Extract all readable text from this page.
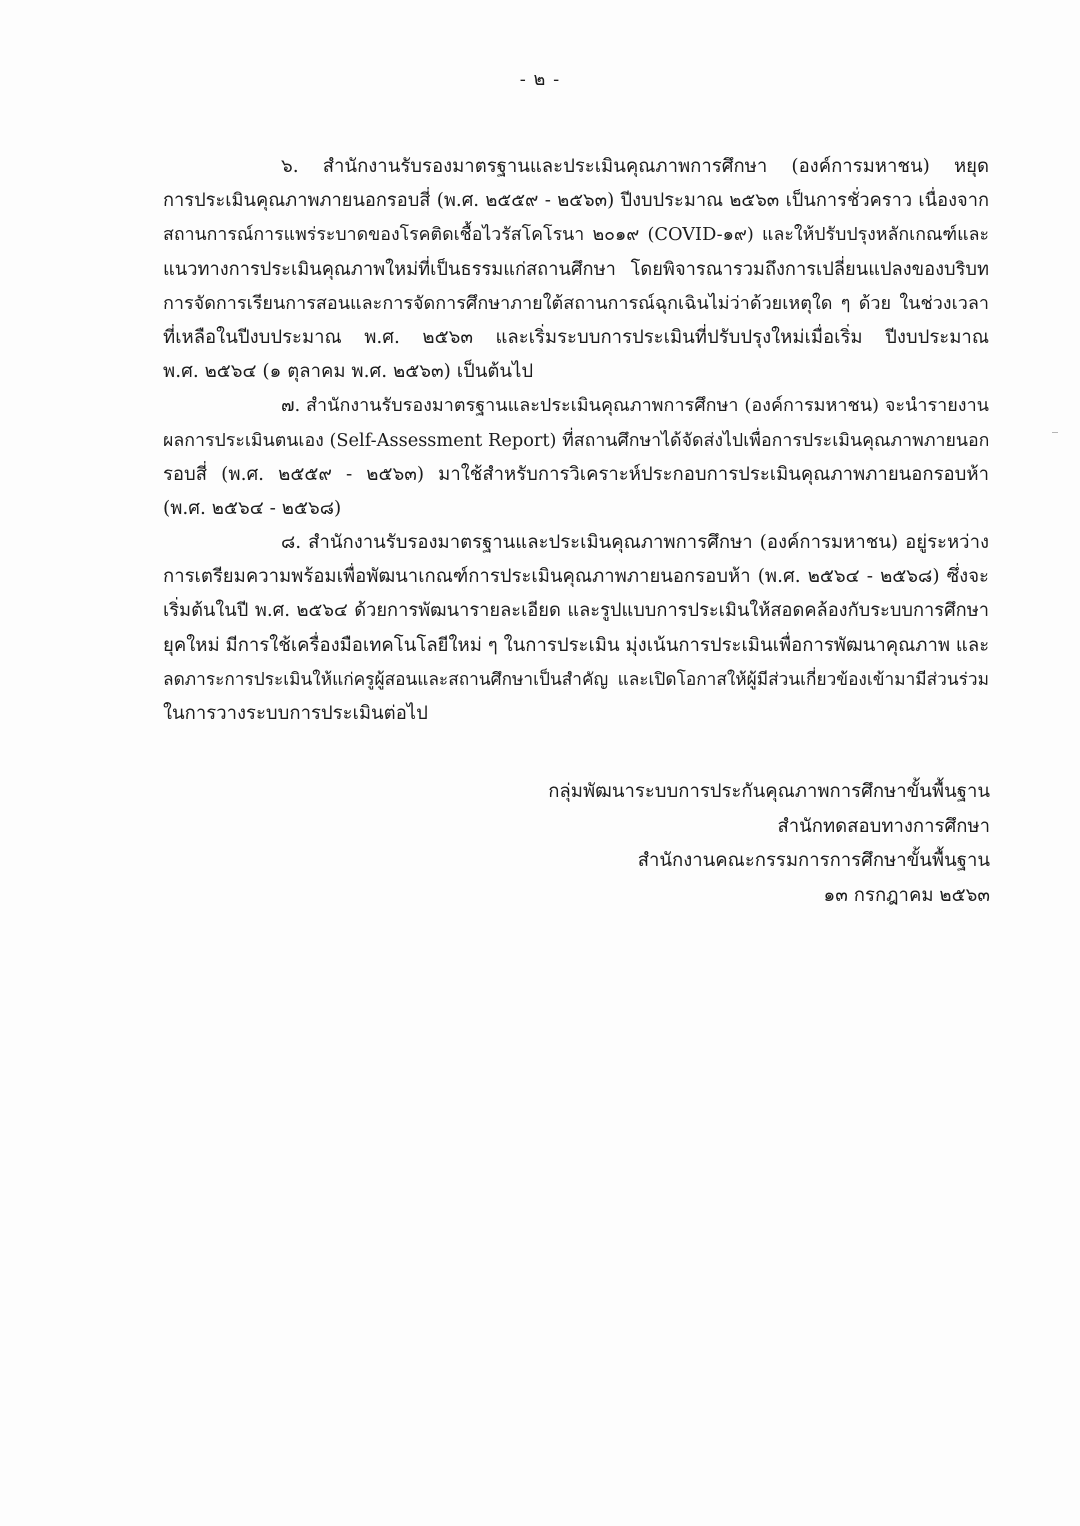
- ๒ -
๖. สำนักงานรับรองมาตรฐานและประเมินคุณภาพการศึกษา (องค์การมหาชน) หยุด
การประเมินคุณภาพภายนอกรอบสี่ (พ.ศ. ๒๕๕๙ - ๒๕๖๓) ปีงบประมาณ ๒๕๖๓ เป็นการชั่วคราว เนื่องจาก
สถานการณ์การแพร่ระบาดของโรคติดเชื้อไวรัสโคโรนา ๒๐๑๙ (COVID-๑๙) และให้ปรับปรุงหลักเกณฑ์และ
แนวทางการประเมินคุณภาพใหม่ที่เป็นธรรมแก่สถานศึกษา โดยพิจารณารวมถึงการเปลี่ยนแปลงของบริบท
การจัดการเรียนการสอนและการจัดการศึกษาภายใต้สถานการณ์ฉุกเฉินไม่ว่าด้วยเหตุใด ๆ ด้วย ในช่วงเวลา
ที่เหลือในปีงบประมาณ พ.ศ. ๒๕๖๓ และเริ่มระบบการประเมินที่ปรับปรุงใหม่เมื่อเริ่ม ปีงบประมาณ
พ.ศ. ๒๕๖๔ (๑ ตุลาคม พ.ศ. ๒๕๖๓) เป็นต้นไป
๗. สำนักงานรับรองมาตรฐานและประเมินคุณภาพการศึกษา (องค์การมหาชน) จะนำรายงาน
ผลการประเมินตนเอง (Self-Assessment Report) ที่สถานศึกษาได้จัดส่งไปเพื่อการประเมินคุณภาพภายนอก
รอบสี่ (พ.ศ. ๒๕๕๙ - ๒๕๖๓) มาใช้สำหรับการวิเคราะห์ประกอบการประเมินคุณภาพภายนอกรอบห้า
(พ.ศ. ๒๕๖๔ - ๒๕๖๘)
๘. สำนักงานรับรองมาตรฐานและประเมินคุณภาพการศึกษา (องค์การมหาชน) อยู่ระหว่าง
การเตรียมความพร้อมเพื่อพัฒนาเกณฑ์การประเมินคุณภาพภายนอกรอบห้า (พ.ศ. ๒๕๖๔ - ๒๕๖๘) ซึ่งจะ
เริ่มต้นในปี พ.ศ. ๒๕๖๔ ด้วยการพัฒนารายละเอียด และรูปแบบการประเมินให้สอดคล้องกับระบบการศึกษา
ยุคใหม่ มีการใช้เครื่องมือเทคโนโลยีใหม่ ๆ ในการประเมิน มุ่งเน้นการประเมินเพื่อการพัฒนาคุณภาพ และ
ลดภาระการประเมินให้แก่ครูผู้สอนและสถานศึกษาเป็นสำคัญ และเปิดโอกาสให้ผู้มีส่วนเกี่ยวข้องเข้ามามีส่วนร่วม
ในการวางระบบการประเมินต่อไป
กลุ่มพัฒนาระบบการประกันคุณภาพการศึกษาขั้นพื้นฐาน
สำนักทดสอบทางการศึกษา
สำนักงานคณะกรรมการการศึกษาขั้นพื้นฐาน
๑๓ กรกฎาคม ๒๕๖๓
